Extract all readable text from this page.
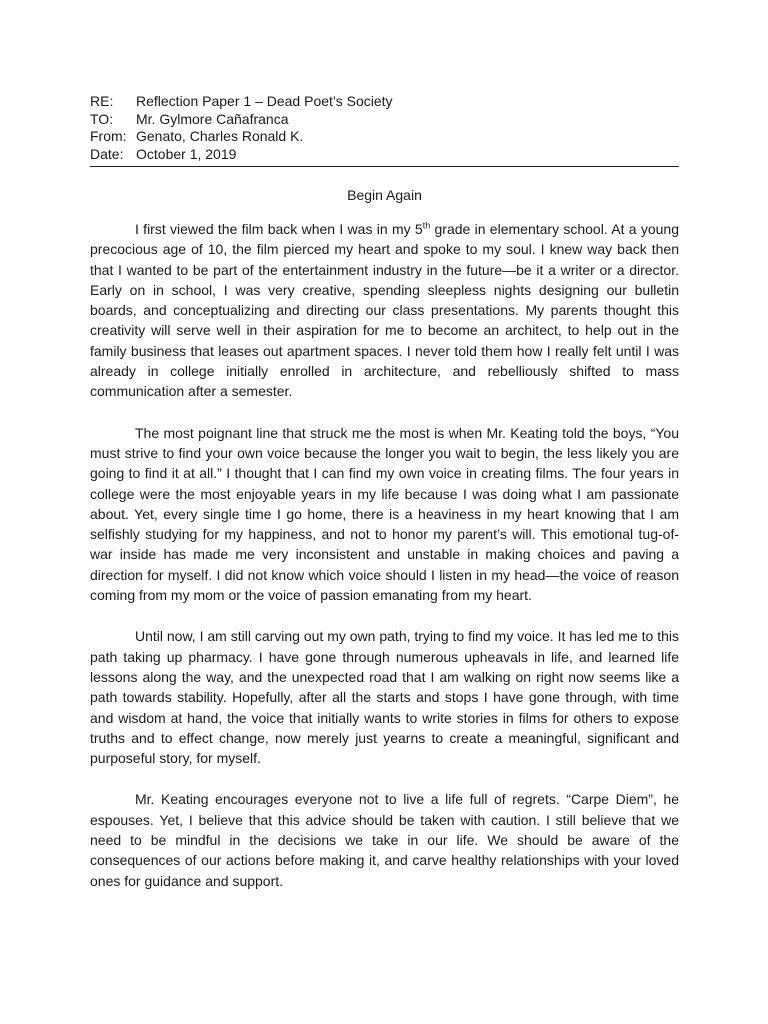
RE:	Reflection Paper 1 – Dead Poet’s Society
TO:	Mr. Gylmore Cañafranca
From: Genato, Charles Ronald K.
Date: October 1, 2019
Begin Again

I first viewed the film back when I was in my 5th grade in elementary school. At a young precocious age of 10, the film pierced my heart and spoke to my soul. I knew way back then that I wanted to be part of the entertainment industry in the future—be it a writer or a director. Early on in school, I was very creative, spending sleepless nights designing our bulletin boards, and conceptualizing and directing our class presentations. My parents thought this creativity will serve well in their aspiration for me to become an architect, to help out in the family business that leases out apartment spaces. I never told them how I really felt until I was already in college initially enrolled in architecture, and rebelliously shifted to mass communication after a semester.

The most poignant line that struck me the most is when Mr. Keating told the boys, “You must strive to find your own voice because the longer you wait to begin, the less likely you are going to find it at all.” I thought that I can find my own voice in creating films. The four years in college were the most enjoyable years in my life because I was doing what I am passionate about. Yet, every single time I go home, there is a heaviness in my heart knowing that I am selfishly studying for my happiness, and not to honor my parent’s will. This emotional tug-of-war inside has made me very inconsistent and unstable in making choices and paving a direction for myself. I did not know which voice should I listen in my head—the voice of reason coming from my mom or the voice of passion emanating from my heart.

Until now, I am still carving out my own path, trying to find my voice. It has led me to this path taking up pharmacy. I have gone through numerous upheavals in life, and learned life lessons along the way, and the unexpected road that I am walking on right now seems like a path towards stability. Hopefully, after all the starts and stops I have gone through, with time and wisdom at hand, the voice that initially wants to write stories in films for others to expose truths and to effect change, now merely just yearns to create a meaningful, significant and purposeful story, for myself.

Mr. Keating encourages everyone not to live a life full of regrets. “Carpe Diem”, he espouses. Yet, I believe that this advice should be taken with caution. I still believe that we need to be mindful in the decisions we take in our life. We should be aware of the consequences of our actions before making it, and carve healthy relationships with your loved ones for guidance and support.
